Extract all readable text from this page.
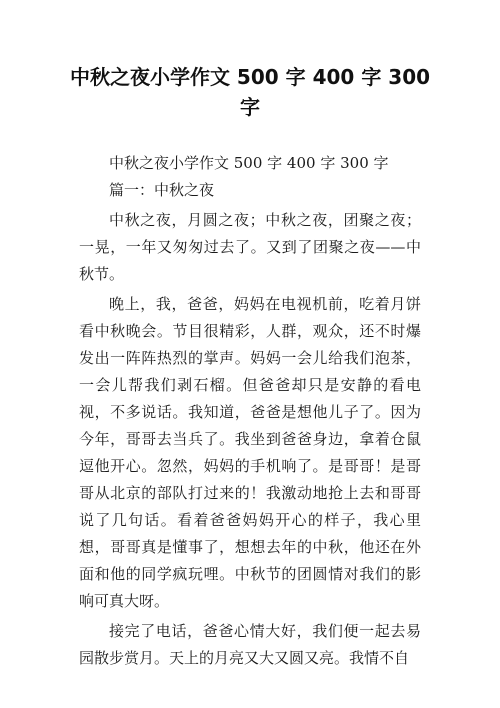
中秋之夜小学作文 500 字 400 字 300
字

中秋之夜小学作文 500 字 400 字 300 字

篇一：中秋之夜

中秋之夜，月圆之夜；中秋之夜，团聚之夜；一晃，一年又匆匆过去了。又到了团聚之夜——中秋节。

晚上，我，爸爸，妈妈在电视机前，吃着月饼看中秋晚会。节目很精彩，人群，观众，还不时爆发出一阵阵热烈的掌声。妈妈一会儿给我们泡茶，一会儿帮我们剥石榴。但爸爸却只是安静的看电视，不多说话。我知道，爸爸是想他儿子了。因为今年，哥哥去当兵了。我坐到爸爸身边，拿着仓鼠逗他开心。忽然，妈妈的手机响了。是哥哥！是哥哥从北京的部队打过来的！我激动地抢上去和哥哥说了几句话。看着爸爸妈妈开心的样子，我心里想，哥哥真是懂事了，想想去年的中秋，他还在外面和他的同学疯玩哩。中秋节的团圆情对我们的影响可真大呀。

接完了电话，爸爸心情大好，我们便一起去易园散步赏月。天上的月亮又大又圆又亮。我情不自
